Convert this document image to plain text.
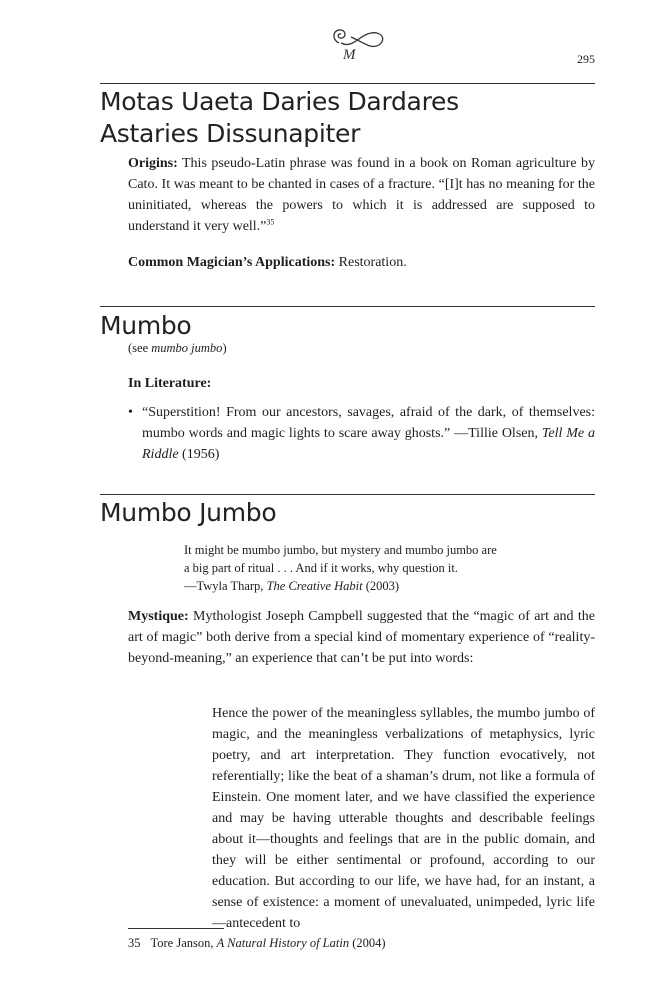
M	295
Motas Uaeta Daries Dardares
Astaries Dissunapiter

Origins: This pseudo-Latin phrase was found in a book on Roman agriculture by Cato. It was meant to be chanted in cases of a fracture. “[I]t has no meaning for the uninitiated, whereas the powers to which it is addressed are supposed to understand it very well.”$^{35}$

Common Magician’s Applications: Restoration.

Mumbo
(see mumbo jumbo)

In Literature:

• “Superstition! From our ancestors, savages, afraid of the dark, of themselves: mumbo words and magic lights to scare away ghosts.” —Tillie Olsen, Tell Me a Riddle (1956)
Mumbo Jumbo
It might be mumbo jumbo, but mystery and mumbo jumbo are
a big part of ritual . . . And if it works, why question it.
—Twyla Tharp, The Creative Habit (2003)

Mystique: Mythologist Joseph Campbell suggested that the “magic of art and the art of magic” both derive from a special kind of momentary experience of “reality-beyond-meaning,” an experience that can’t be put into words:

Hence the power of the meaningless syllables, the mumbo jumbo of magic, and the meaningless verbalizations of metaphysics, lyric poetry, and art interpretation. They function evocatively, not referentially; like the beat of a shaman’s drum, not like a formula of Einstein. One moment later, and we have classified the experience and may be having utterable thoughts and describable feelings about it—thoughts and feelings that are in the public domain, and they will be either sentimental or profound, according to our education. But according to our life, we have had, for an instant, a sense of existence: a moment of unevaluated, unimpeded, lyric life—antecedent to

35 Tore Janson, A Natural History of Latin (2004)
